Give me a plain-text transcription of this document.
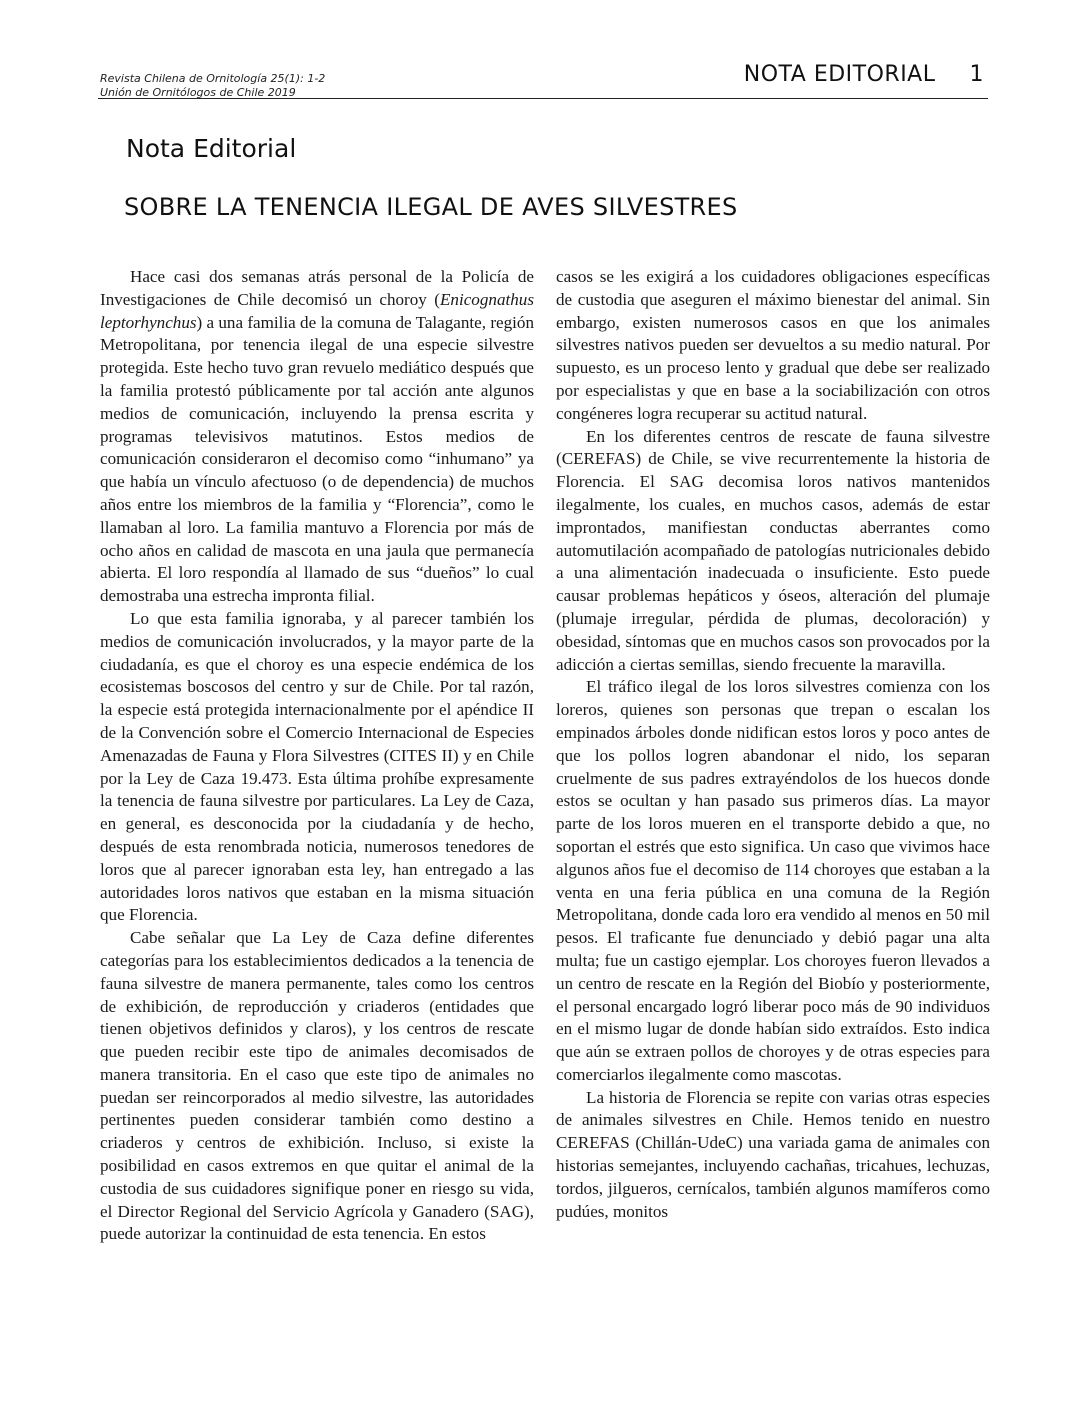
Revista Chilena de Ornitología 25(1): 1-2
Unión de Ornitólogos de Chile 2019
NOTA EDITORIAL 1
Nota Editorial
SOBRE LA TENENCIA ILEGAL DE AVES SILVESTRES

Hace casi dos semanas atrás personal de la Policía de Investigaciones de Chile decomisó un choroy (Enicognathus leptorhynchus) a una familia de la comuna de Talagante, región Metropolitana, por tenencia ilegal de una especie silvestre protegida. Este hecho tuvo gran revuelo mediático después que la familia protestó públicamente por tal acción ante algunos medios de comunicación, incluyendo la prensa escrita y programas televisivos matutinos. Estos medios de comunicación consideraron el decomiso como “inhumano” ya que había un vínculo afectuoso (o de dependencia) de muchos años entre los miembros de la familia y “Florencia”, como le llamaban al loro. La familia mantuvo a Florencia por más de ocho años en calidad de mascota en una jaula que permanecía abierta. El loro respondía al llamado de sus “dueños” lo cual demostraba una estrecha impronta filial.

Lo que esta familia ignoraba, y al parecer también los medios de comunicación involucrados, y la mayor parte de la ciudadanía, es que el choroy es una especie endémica de los ecosistemas boscosos del centro y sur de Chile. Por tal razón, la especie está protegida internacionalmente por el apéndice II de la Convención sobre el Comercio Internacional de Especies Amenazadas de Fauna y Flora Silvestres (CITES II) y en Chile por la Ley de Caza 19.473. Esta última prohíbe expresamente la tenencia de fauna silvestre por particulares. La Ley de Caza, en general, es desconocida por la ciudadanía y de hecho, después de esta renombrada noticia, numerosos tenedores de loros que al parecer ignoraban esta ley, han entregado a las autoridades loros nativos que estaban en la misma situación que Florencia.

Cabe señalar que La Ley de Caza define diferentes categorías para los establecimientos dedicados a la tenencia de fauna silvestre de manera permanente, tales como los centros de exhibición, de reproducción y criaderos (entidades que tienen objetivos definidos y claros), y los centros de rescate que pueden recibir este tipo de animales decomisados de manera transitoria. En el caso que este tipo de animales no puedan ser reincorporados al medio silvestre, las autoridades pertinentes pueden considerar también como destino a criaderos y centros de exhibición. Incluso, si existe la posibilidad en casos extremos en que quitar el animal de la custodia de sus cuidadores signifique poner en riesgo su vida, el Director Regional del Servicio Agrícola y Ganadero (SAG), puede autorizar la continuidad de esta tenencia. En estos

casos se les exigirá a los cuidadores obligaciones específicas de custodia que aseguren el máximo bienestar del animal. Sin embargo, existen numerosos casos en que los animales silvestres nativos pueden ser devueltos a su medio natural. Por supuesto, es un proceso lento y gradual que debe ser realizado por especialistas y que en base a la sociabilización con otros congéneres logra recuperar su actitud natural.

En los diferentes centros de rescate de fauna silvestre (CEREFAS) de Chile, se vive recurrentemente la historia de Florencia. El SAG decomisa loros nativos mantenidos ilegalmente, los cuales, en muchos casos, además de estar improntados, manifiestan conductas aberrantes como automutilación acompañado de patologías nutricionales debido a una alimentación inadecuada o insuficiente. Esto puede causar problemas hepáticos y óseos, alteración del plumaje (plumaje irregular, pérdida de plumas, decoloración) y obesidad, síntomas que en muchos casos son provocados por la adicción a ciertas semillas, siendo frecuente la maravilla.

El tráfico ilegal de los loros silvestres comienza con los loreros, quienes son personas que trepan o escalan los empinados árboles donde nidifican estos loros y poco antes de que los pollos logren abandonar el nido, los separan cruelmente de sus padres extrayéndolos de los huecos donde estos se ocultan y han pasado sus primeros días. La mayor parte de los loros mueren en el transporte debido a que, no soportan el estrés que esto significa. Un caso que vivimos hace algunos años fue el decomiso de 114 choroyes que estaban a la venta en una feria pública en una comuna de la Región Metropolitana, donde cada loro era vendido al menos en 50 mil pesos. El traficante fue denunciado y debió pagar una alta multa; fue un castigo ejemplar. Los choroyes fueron llevados a un centro de rescate en la Región del Biobío y posteriormente, el personal encargado logró liberar poco más de 90 individuos en el mismo lugar de donde habían sido extraídos. Esto indica que aún se extraen pollos de choroyes y de otras especies para comerciarlos ilegalmente como mascotas.

La historia de Florencia se repite con varias otras especies de animales silvestres en Chile. Hemos tenido en nuestro CEREFAS (Chillán-UdeC) una variada gama de animales con historias semejantes, incluyendo cachañas, tricahues, lechuzas, tordos, jilgueros, cernícalos, también algunos mamíferos como pudúes, monitos
